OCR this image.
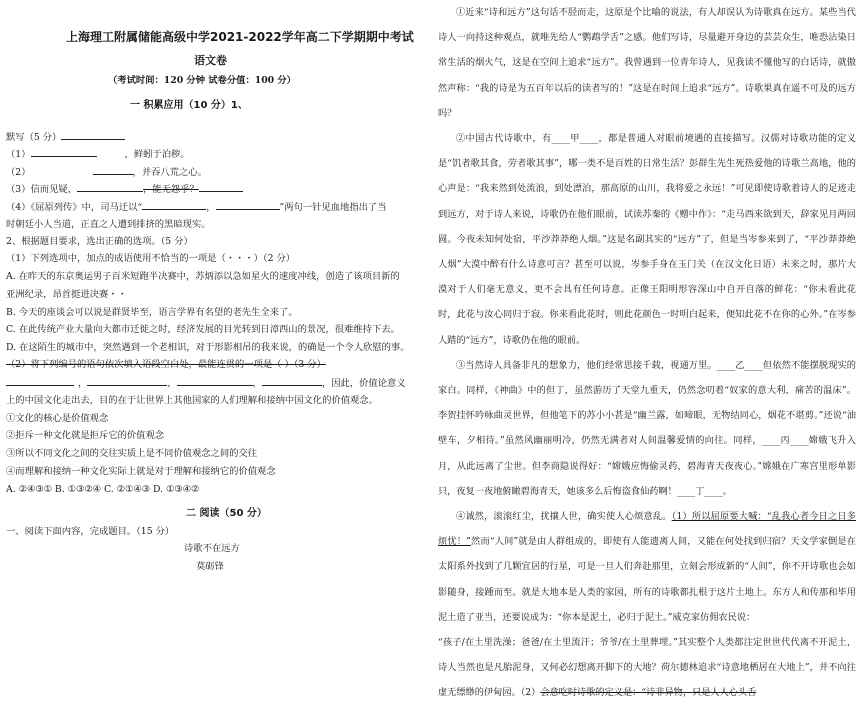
上海理工附属储能高级中学2021-2022学年高二下学期期中考试
语文卷
（考试时间：120 分钟 试卷分值：100 分）
一 积累应用（10 分）1、
默写（5 分）
（1）	，鲜蚓于泊秽。
（2）	，并吞八荒之心。
（3）信而见疑，	，能无怨乎？
（4）《屈原列传》中，司马迁以“	，	”两句一针见血地指出了当
时朝廷小人当道，正直之人遭到排挤的黑暗现实。
2、根据题目要求，选出正确的选项。（5 分）
（1）下列选项中，加点的成语使用不恰当的一项是（・・・）（2 分）
A. 在昨天的东京奥运男子百米短跑半决赛中，苏炳添以急如星火的速度冲线，创造了该项目新的
亚洲纪录，昂首挺进决赛・・
B. 今天的座谈会可以说是群贤毕至，语言学界有名望的老先生全来了。
C. 在此传统产业大量向大都市迁徙之时，经济发展的目光转到日漳西山的景况，很难维持下去。
D. 在这陌生的城市中，突然遇到一个老相识，对于形影相吊的我来说，的确是一个令人欣慰的事。
（2）将下列编号的语句依次填入语段空白处，最能连贯的一项是（ ）（3 分）
，	，	，	，因此，价值论意义
上的中国文化走出去，目的在于让世界上其他国家的人们理解和接纳中国文化的价值观念。
①文化的核心是价值观念
②拒斥一种文化就是拒斥它的价值观念
③所以不同文化之间的交往实质上是不同价值观念之间的交往
④而理解和接纳一种文化实际上就是对于理解和接纳它的价值观念
A. ②④③① B. ①③②④ C. ②①④③ D. ①③④②
二 阅读（50 分）
一、阅读下面内容，完成题目。（15 分）
诗歌不在远方
莫砺锋

①近来“诗和远方”这句话不胫而走，这原是个比喻的说法，有人却误认为诗歌真在远方。某些当代诗人一向持这种观点，就唯先给人“鹦鹉学舌”之感。他们写诗，尽量避开身边的芸芸众生，唯恐沾染日常生活的烟火气，这是在空间上追求“远方”。我曾遇到一位青年诗人，见我读不懂他写的白话诗，就傲然声称：“我的诗是为五百年以后的读者写的！”这是在时间上追求“远方”。诗歌果真在遥不可及的远方吗？

②中国古代诗歌中，有____甲____，都是普通人对眼前境遇的直接描写。汉儒对诗歌功能的定义是“饥者歌其食，劳者歌其事”，哪一类不是百姓的日常生活？彭群生先生死热爱他的诗歌兰高地，他的心声是：“我来然到处流浪，到处漂泊，那高原的山川，我将爱之永远！”可见即使诗歌着诗人的足迹走到远方，对于诗人来说，诗歌仍在他们眼前，试读苏秦的《赠中作》：“走马西来欲到天，辞家见月两回圆。今夜未知何处宿，平沙莽莽绝人烟。”这是名副其实的“远方”了，但是当岑参来到了，“平沙莽莽绝人烟”大漠中醉有什么诗意可言？甚至可以说，岑参手身在玉门关（在汉文化日语）未来之时，那片大漠对于人们毫无意义，更不会具有任何诗意。正像王阳明形容深山中自开自落的鲜花：“你未看此花时，此花与汝心同归于寂。你来看此花时，则此花颜色一时明白起来，便知此花不在你的心外。”在岑参人踏的“远方”，诗歌仍在他的眼前。

③当然诗人具备非凡的想象力，他们经常思接千载，视通万里。____乙____但依然不能摆脱现实的家白。同样，《神曲》中的但丁，虽然游历了天堂九重天，仍然念叨着“奴家的意大利，痛苦的温床”。李贺挂怀吟咏曲灵世界，但他笔下的苏小小甚是“幽兰露，如啼眼，无物结同心，烟花不堪剪。”还说“油壁车，夕相待。”虽然风幽丽明冷，仍然无满者对人间温馨爱情的向往。同样，____丙____嫦娥飞升入月，从此远离了尘世。但李商隐说得好：“嫦娥应悔偷灵药，碧海青天夜夜心。”嫦娥在广寒宫里形单影只，夜复一夜地俯瞰碧海青天，她该多么后悔盗食仙药啊！____丁____。

④诚然，滚滚红尘，扰攘人世，确实使人心烦意乱。（1）所以屈原要大喊：“乱我心者今日之日多烦忧！”然而“人间”就是由人群组成的，即使有人能遗离人间，又能在何处找到归宿？天文学家倒是在太阳系外找到了几颗宜居的行星，可是一旦人们奔赴那里，立刻会形成新的“人间”，你不开诗歌也会如影随身，接踵而至。就是大地本是人类的家园，所有的诗歌都扎根于这片土地上。东方人和传那和毕用泥土造了亚当，还要说成为：“你本是泥土，必归于泥土。”威克家仿佣农民说：

“孩子/在土里洗澡；爸爸/在土里流汗；爷爷/在土里葬埋。”其实整个人类都注定世世代代离不开泥土，诗人当然也是凡胎泥身，又何必幻想离开脚下的大地？荷尔德林追求“诗意地栖居在大地上”，并不向往虚无缥缈的伊甸园。（2）会意吃时诗歌的定义是：“诗非异物，只是人人心头舌
